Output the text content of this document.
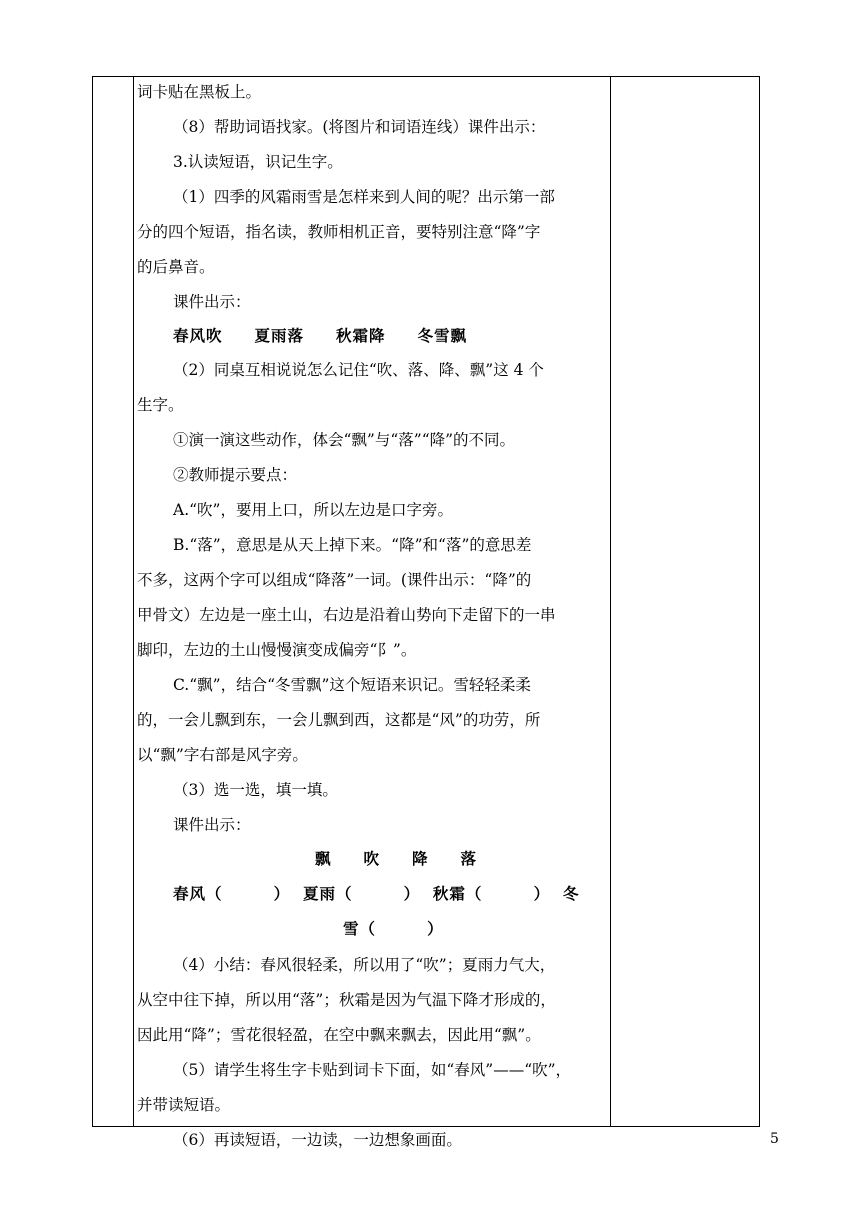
词卡贴在黑板上。
（8）帮助词语找家。(将图片和词语连线）课件出示：
3.认读短语，识记生字。
（1）四季的风霜雨雪是怎样来到人间的呢？出示第一部
分的四个短语，指名读，教师相机正音，要特别注意“降”字
的后鼻音。
课件出示：
春风吹     夏雨落     秋霜降     冬雪飘
（2）同桌互相说说怎么记住“吹、落、降、飘”这 4 个
生字。
①演一演这些动作，体会“飘”与“落”“降”的不同。
②教师提示要点：
A.“吹”，要用上口，所以左边是口字旁。
B.“落”，意思是从天上掉下来。“降”和“落”的意思差
不多，这两个字可以组成“降落”一词。(课件出示：“降”的
甲骨文）左边是一座土山，右边是沿着山势向下走留下的一串
脚印，左边的土山慢慢演变成偏旁“阝”。
C.“飘”，结合“冬雪飘”这个短语来识记。雪轻轻柔柔
的，一会儿飘到东，一会儿飘到西，这都是“风”的功劳，所
以“飘”字右部是风字旁。
（3）选一选，填一填。
课件出示：
飘     吹     降     落
春风（        ）  夏雨（        ）  秋霜（        ）  冬
雪（        ）
（4）小结：春风很轻柔，所以用了“吹”；夏雨力气大，
从空中往下掉，所以用“落”；秋霜是因为气温下降才形成的，
因此用“降”；雪花很轻盈，在空中飘来飘去，因此用“飘”。
（5）请学生将生字卡贴到词卡下面，如“春风”——“吹”，
并带读短语。
（6）再读短语，一边读，一边想象画面。	5
